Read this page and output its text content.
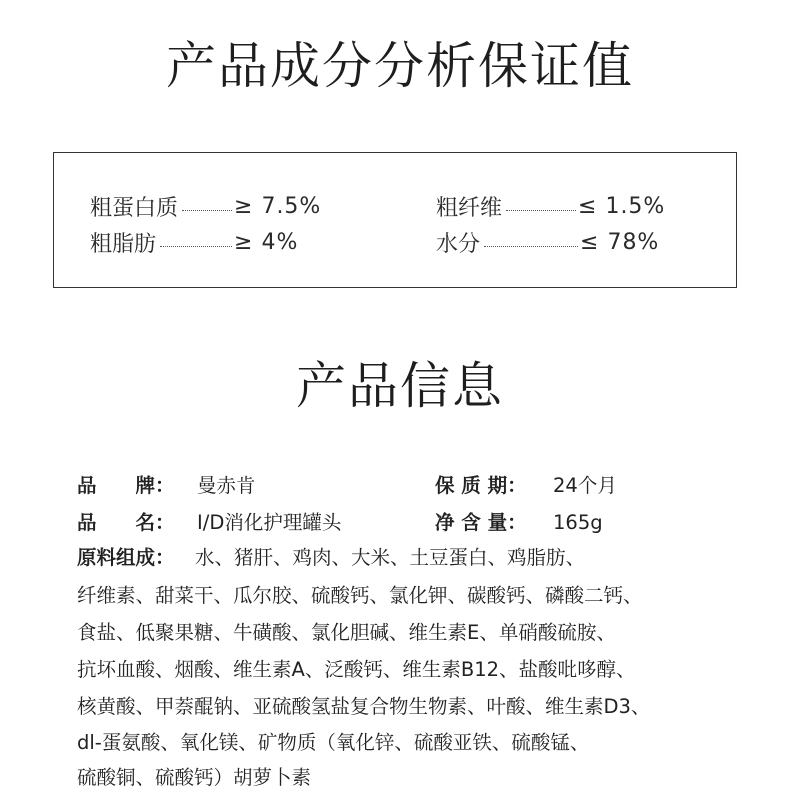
产品成分分析保证值
粗蛋白质	≥ 7.5%	粗纤维	≤ 1.5%
粗脂肪	≥ 4%	水分	≤ 78%
产品信息
品　　牌： 曼赤肯	保 质 期： 24个月
品　　名： I/D消化护理罐头	净 含 量： 165g
原料组成： 水、猪肝、鸡肉、大米、土豆蛋白、鸡脂肪、
纤维素、甜菜干、瓜尔胶、硫酸钙、氯化钾、碳酸钙、磷酸二钙、
食盐、低聚果糖、牛磺酸、氯化胆碱、维生素E、单硝酸硫胺、
抗坏血酸、烟酸、维生素A、泛酸钙、维生素B12、盐酸吡哆醇、
核黄酸、甲萘醌钠、亚硫酸氢盐复合物生物素、叶酸、维生素D3、
dl-蛋氨酸、氧化镁、矿物质（氧化锌、硫酸亚铁、硫酸锰、
硫酸铜、硫酸钙）胡萝卜素
